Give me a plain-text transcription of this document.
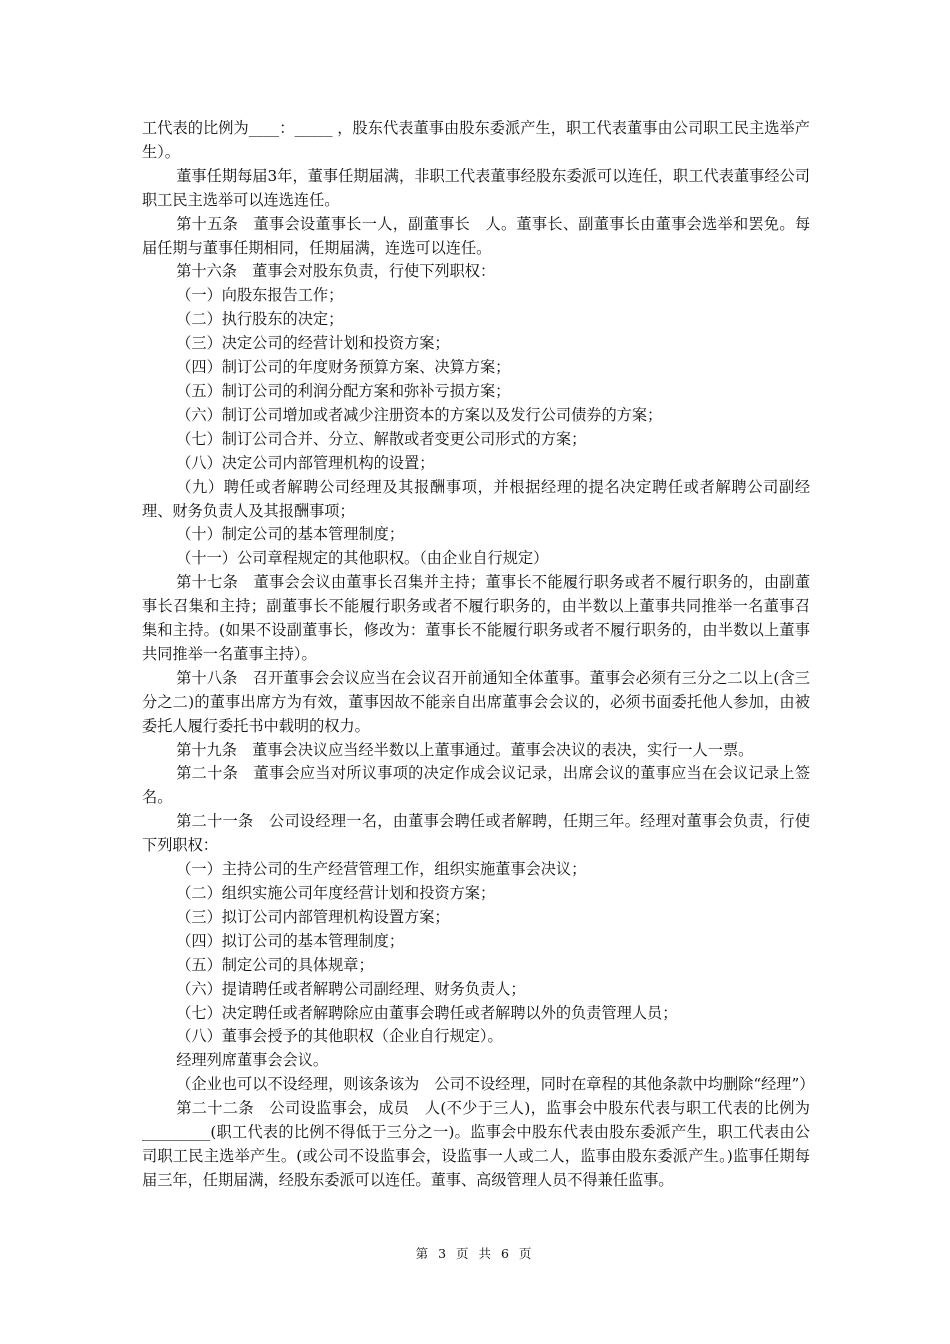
工代表的比例为____：_____ ，股东代表董事由股东委派产生，职工代表董事由公司职工民主选举产生）。

董事任期每届3年，董事任期届满，非职工代表董事经股东委派可以连任，职工代表董事经公司职工民主选举可以连选连任。

第十五条　董事会设董事长一人，副董事长　人。董事长、副董事长由董事会选举和罢免。每届任期与董事任期相同，任期届满，连选可以连任。

第十六条　董事会对股东负责，行使下列职权：

（一）向股东报告工作；

（二）执行股东的决定；

（三）决定公司的经营计划和投资方案；

（四）制订公司的年度财务预算方案、决算方案；

（五）制订公司的利润分配方案和弥补亏损方案；

（六）制订公司增加或者减少注册资本的方案以及发行公司债券的方案；

（七）制订公司合并、分立、解散或者变更公司形式的方案；

（八）决定公司内部管理机构的设置；

（九）聘任或者解聘公司经理及其报酬事项，并根据经理的提名决定聘任或者解聘公司副经理、财务负责人及其报酬事项；

（十）制定公司的基本管理制度；

（十一）公司章程规定的其他职权。（由企业自行规定）

第十七条　董事会会议由董事长召集并主持；董事长不能履行职务或者不履行职务的，由副董事长召集和主持；副董事长不能履行职务或者不履行职务的，由半数以上董事共同推举一名董事召集和主持。(如果不设副董事长，修改为：董事长不能履行职务或者不履行职务的，由半数以上董事共同推举一名董事主持）。

第十八条　召开董事会会议应当在会议召开前通知全体董事。董事会必须有三分之二以上(含三分之二)的董事出席方为有效，董事因故不能亲自出席董事会会议的，必须书面委托他人参加，由被委托人履行委托书中载明的权力。

第十九条　董事会决议应当经半数以上董事通过。董事会决议的表决，实行一人一票。

第二十条　董事会应当对所议事项的决定作成会议记录，出席会议的董事应当在会议记录上签名。

第二十一条　公司设经理一名，由董事会聘任或者解聘，任期三年。经理对董事会负责，行使下列职权：

（一）主持公司的生产经营管理工作，组织实施董事会决议；

（二）组织实施公司年度经营计划和投资方案；

（三）拟订公司内部管理机构设置方案；

（四）拟订公司的基本管理制度；

（五）制定公司的具体规章；

（六）提请聘任或者解聘公司副经理、财务负责人；

（七）决定聘任或者解聘除应由董事会聘任或者解聘以外的负责管理人员；

（八）董事会授予的其他职权（企业自行规定）。

经理列席董事会会议。

（企业也可以不设经理，则该条该为　公司不设经理，同时在章程的其他条款中均删除“经理”）

第二十二条　公司设监事会，成员　人(不少于三人)，监事会中股东代表与职工代表的比例为_________(职工代表的比例不得低于三分之一)。监事会中股东代表由股东委派产生，职工代表由公司职工民主选举产生。(或公司不设监事会，设监事一人或二人，监事由股东委派产生。)监事任期每届三年，任期届满，经股东委派可以连任。董事、高级管理人员不得兼任监事。

第 3 页 共 6 页
